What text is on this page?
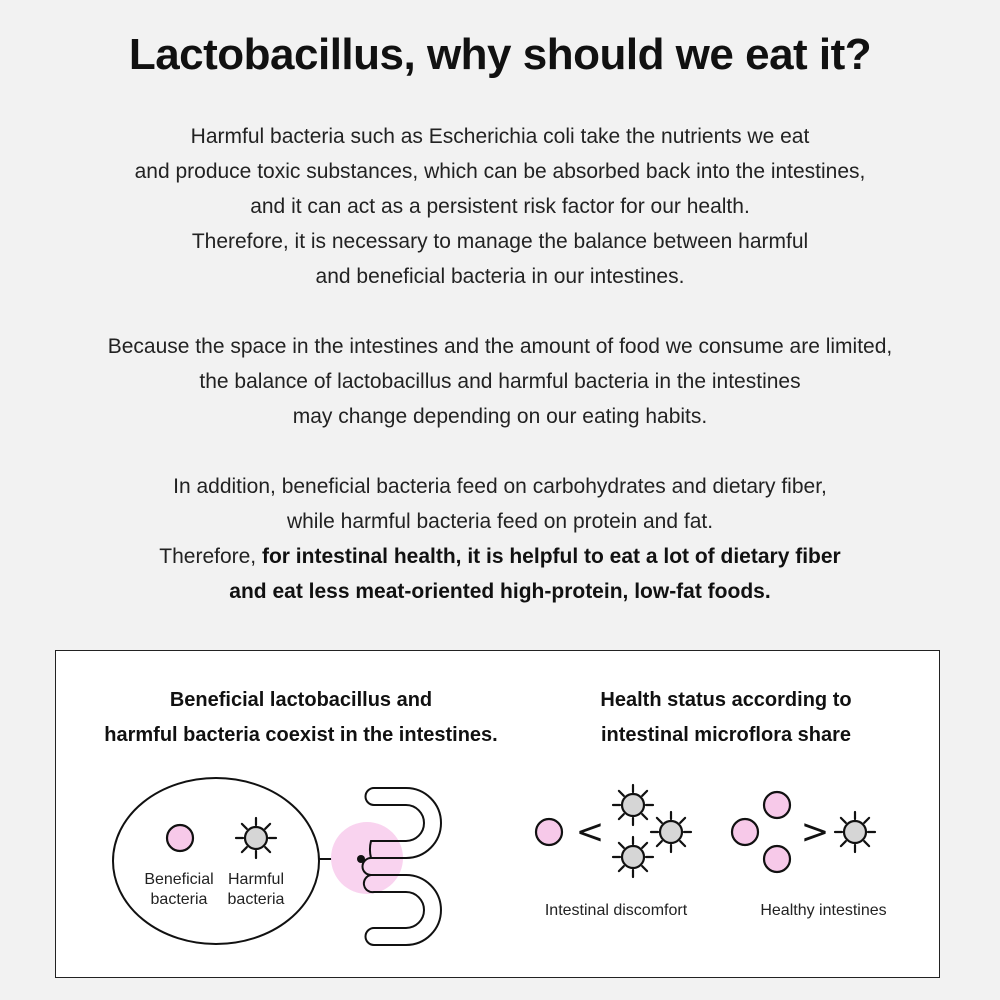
Lactobacillus, why should we eat it?
Harmful bacteria such as Escherichia coli take the nutrients we eat
and produce toxic substances, which can be absorbed back into the intestines,
and it can act as a persistent risk factor for our health.
Therefore, it is necessary to manage the balance between harmful
and beneficial bacteria in our intestines.
Because the space in the intestines and the amount of food we consume are limited,
the balance of lactobacillus and harmful bacteria in the intestines
may change depending on our eating habits.
In addition, beneficial bacteria feed on carbohydrates and dietary fiber,
while harmful bacteria feed on protein and fat.
Therefore, for intestinal health, it is helpful to eat a lot of dietary fiber
and eat less meat-oriented high-protein, low-fat foods.
Beneficial lactobacillus and
harmful bacteria coexist in the intestines.
Health status according to
intestinal microflora share
<	>
Beneficial
bacteria
Harmful
bacteria
Intestinal discomfort	Healthy intestines
